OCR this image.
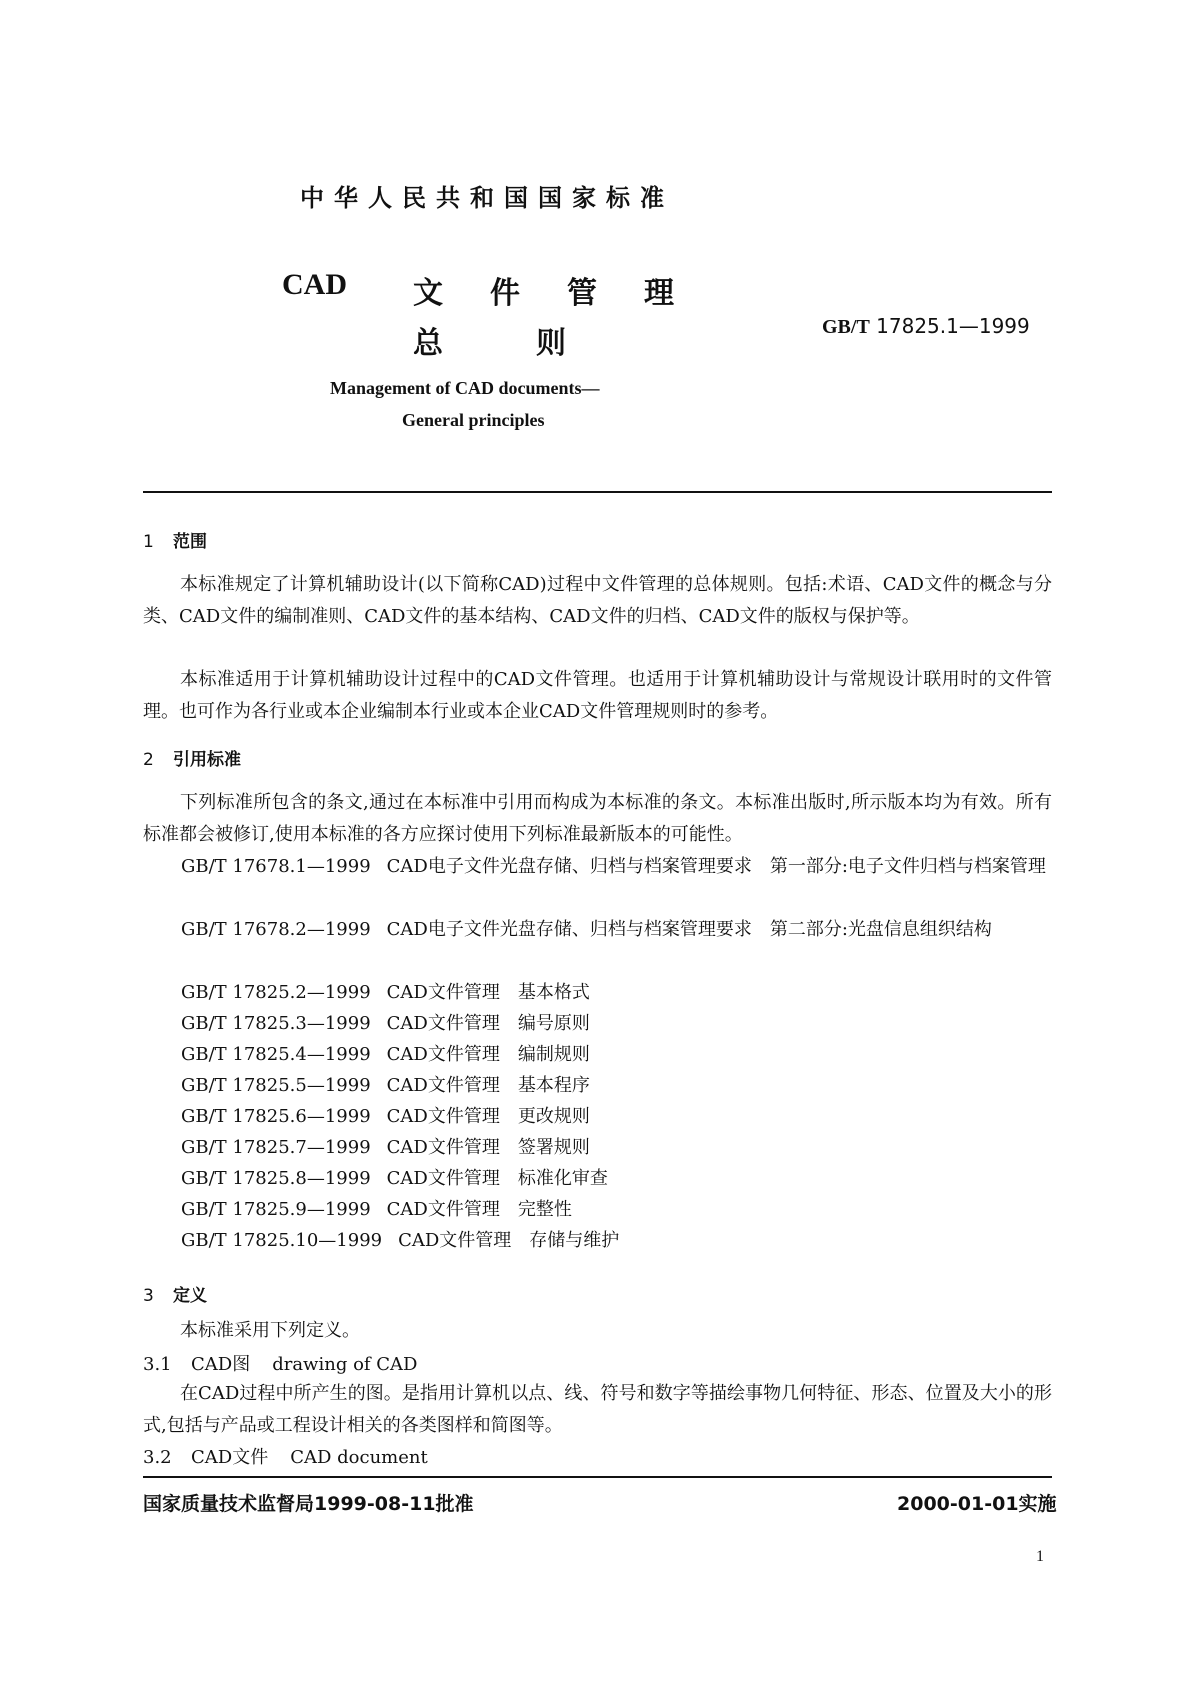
中华人民共和国国家标准
CAD 文 件 管 理
总	则	GB/T 17825.1—1999
Management of CAD documents—
General principles
1 范围
本标准规定了计算机辅助设计(以下简称CAD)过程中文件管理的总体规则。包括:术语、CAD文件的概念与分类、CAD文件的编制准则、CAD文件的基本结构、CAD文件的归档、CAD文件的版权与保护等。
本标准适用于计算机辅助设计过程中的CAD文件管理。也适用于计算机辅助设计与常规设计联用时的文件管理。也可作为各行业或本企业编制本行业或本企业CAD文件管理规则时的参考。
2 引用标准
下列标准所包含的条文,通过在本标准中引用而构成为本标准的条文。本标准出版时,所示版本均为有效。所有标准都会被修订,使用本标准的各方应探讨使用下列标准最新版本的可能性。
GB/T 17678.1—1999 CAD电子文件光盘存储、归档与档案管理要求　第一部分:电子文件归档与档案管理
GB/T 17678.2—1999 CAD电子文件光盘存储、归档与档案管理要求　第二部分:光盘信息组织结构
GB/T 17825.2—1999 CAD文件管理　基本格式
GB/T 17825.3—1999 CAD文件管理　编号原则
GB/T 17825.4—1999 CAD文件管理　编制规则
GB/T 17825.5—1999 CAD文件管理　基本程序
GB/T 17825.6—1999 CAD文件管理　更改规则
GB/T 17825.7—1999 CAD文件管理　签署规则
GB/T 17825.8—1999 CAD文件管理　标准化审查
GB/T 17825.9—1999 CAD文件管理　完整性
GB/T 17825.10—1999 CAD文件管理　存储与维护
3 定义
本标准采用下列定义。
3.1 CAD图 drawing of CAD
在CAD过程中所产生的图。是指用计算机以点、线、符号和数字等描绘事物几何特征、形态、位置及大小的形式,包括与产品或工程设计相关的各类图样和简图等。
3.2 CAD文件 CAD document
国家质量技术监督局1999-08-11批准	2000-01-01实施
1
